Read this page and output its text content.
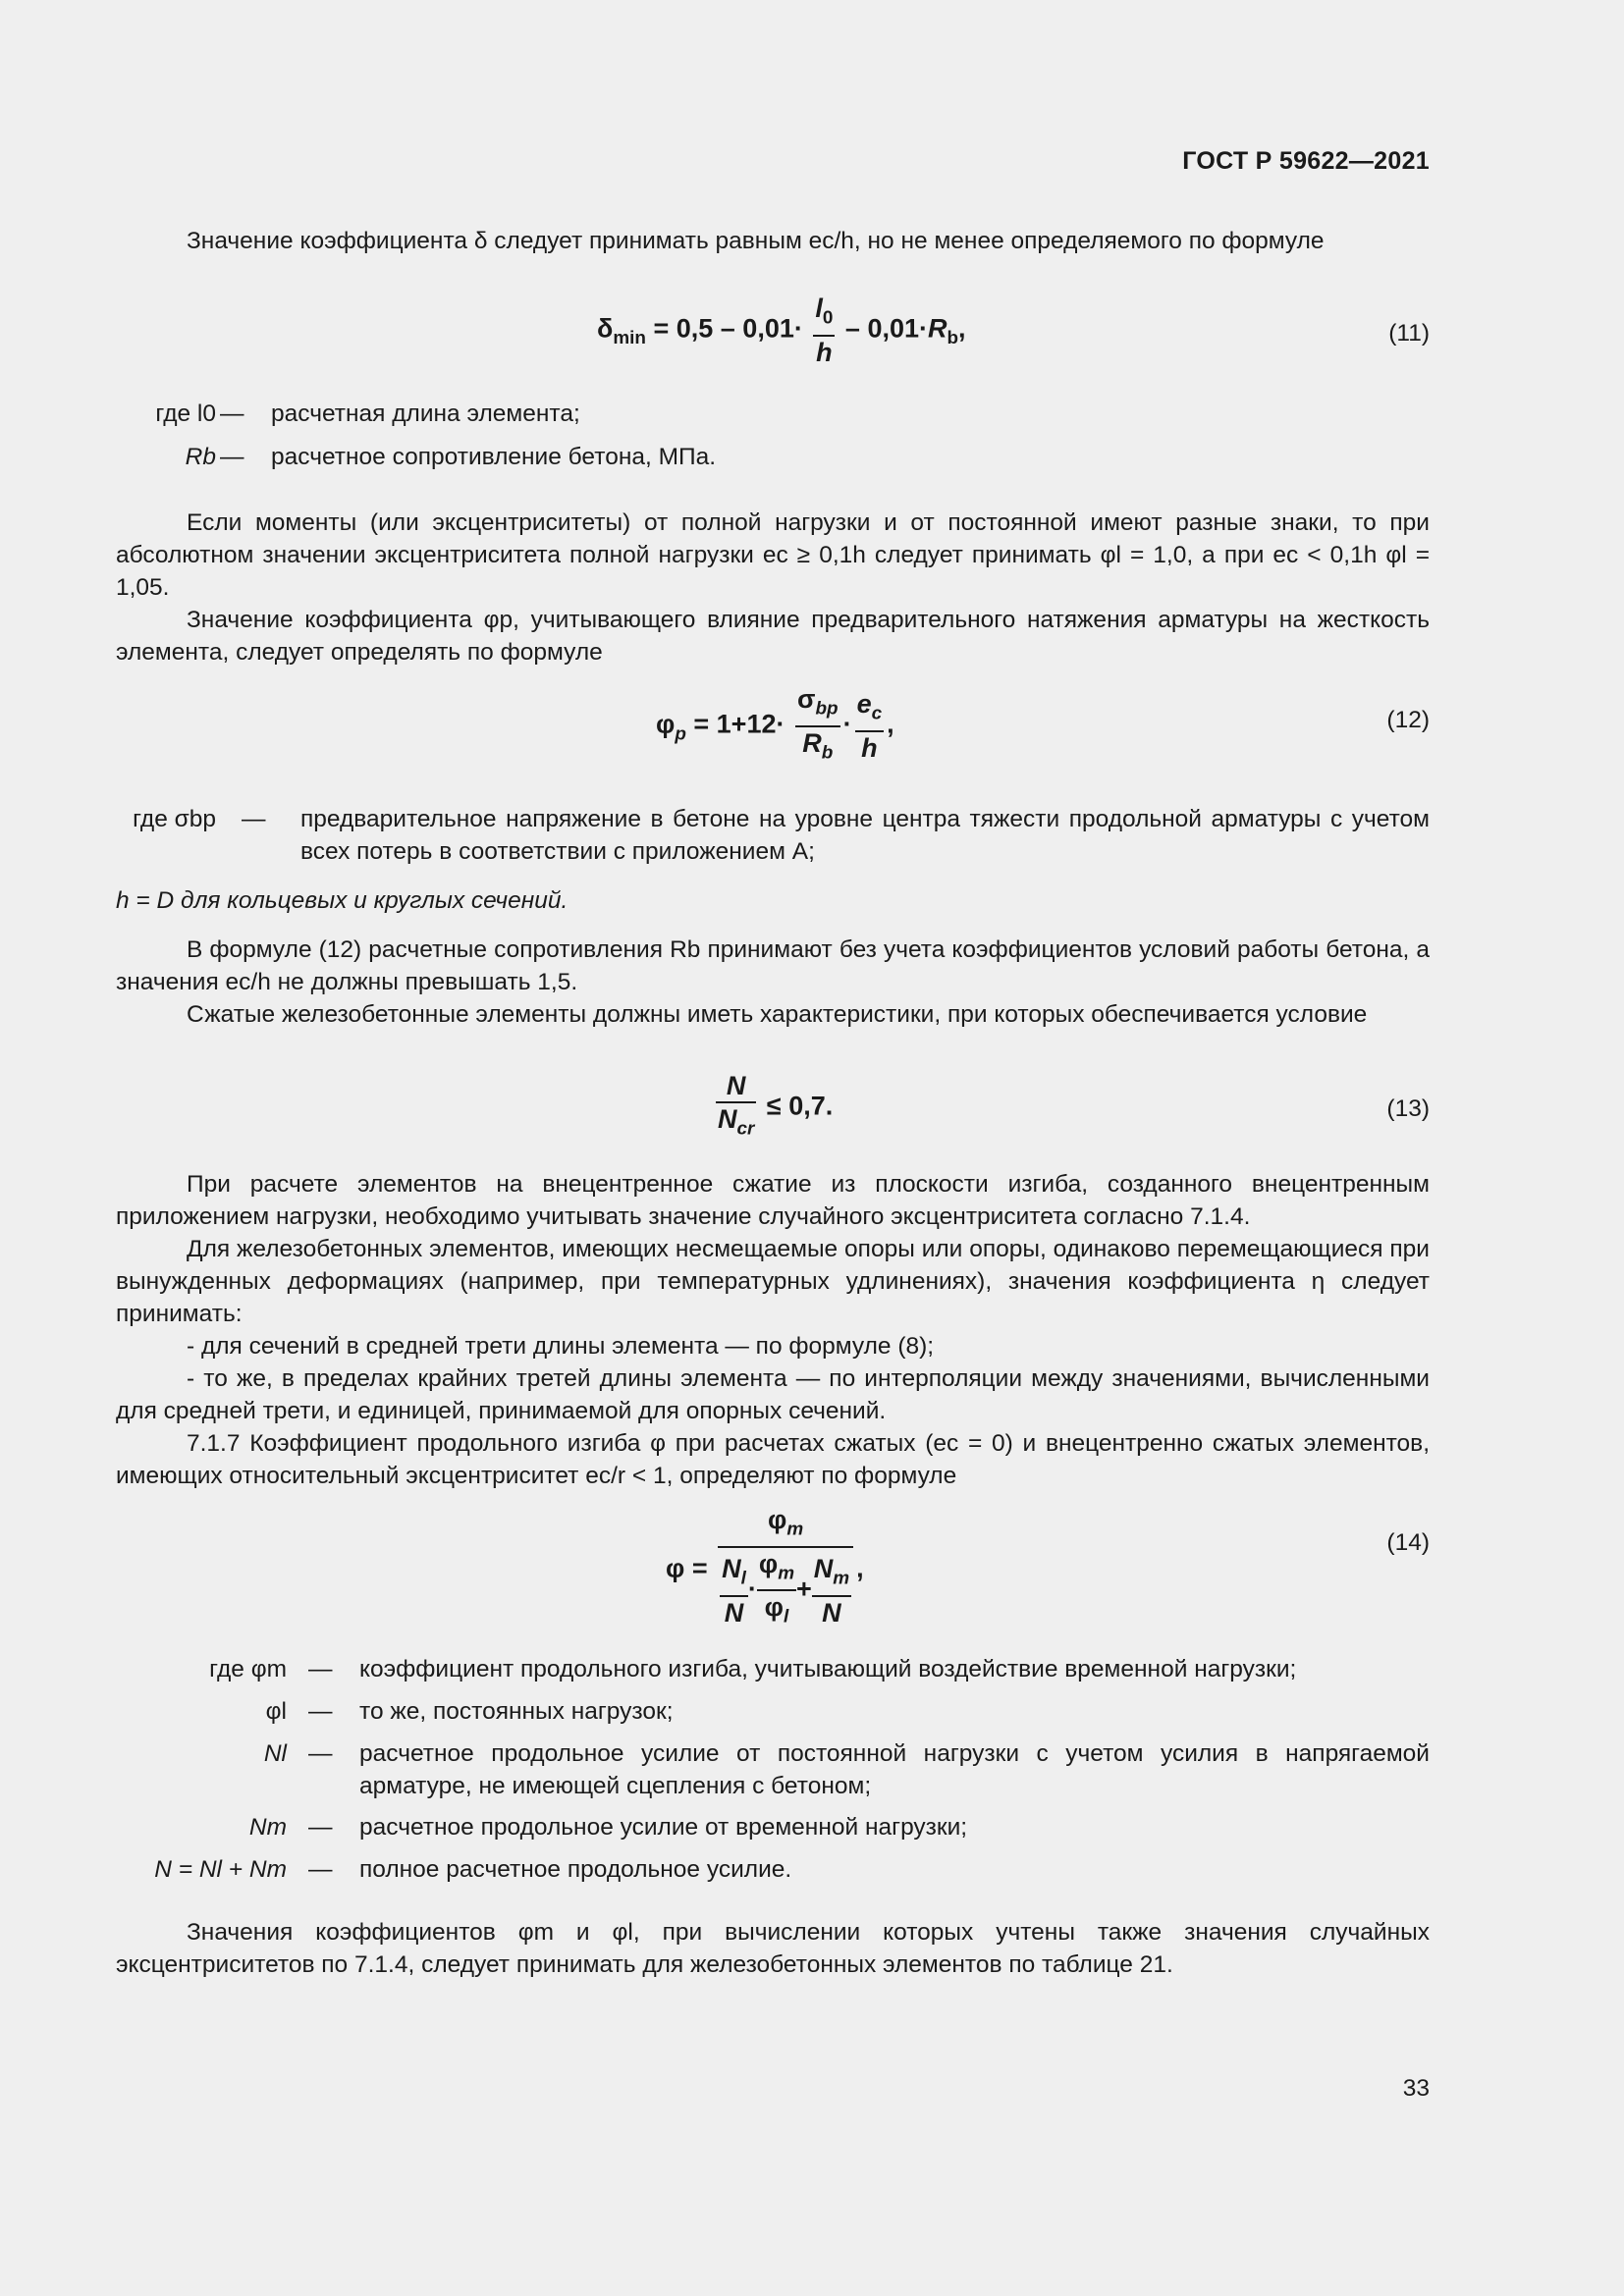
ГОСТ Р 59622—2021
Значение коэффициента δ следует принимать равным ec/h, но не менее определяемого по формуле
$\delta_{min} = 0,5 - 0,01\cdot \frac{l_0}{h} - 0,01\cdot R_b$,	(11)
где l0 — расчетная длина элемента;
Rb — расчетное сопротивление бетона, МПа.
Если моменты (или эксцентриситеты) от полной нагрузки и от постоянной имеют разные знаки, то при абсолютном значении эксцентриситета полной нагрузки ec ≥ 0,1h следует принимать φl = 1,0, а при ec < 0,1h φl = 1,05.
Значение коэффициента φp, учитывающего влияние предварительного натяжения арматуры на жесткость элемента, следует определять по формуле
$\varphi_p = 1+12\cdot \frac{\sigma_{bp}}{R_b} \cdot \frac{e_c}{h}$ ,	(12)
где σbp — предварительное напряжение в бетоне на уровне центра тяжести продольной арматуры с учетом всех потерь в соответствии с приложением А;
h = D для кольцевых и круглых сечений.
В формуле (12) расчетные сопротивления Rb принимают без учета коэффициентов условий работы бетона, а значения ec/h не должны превышать 1,5.
Сжатые железобетонные элементы должны иметь характеристики, при которых обеспечивается условие
$\frac{N}{N_{cr}} \le 0,7$.	(13)
При расчете элементов на внецентренное сжатие из плоскости изгиба, созданного внецентренным приложением нагрузки, необходимо учитывать значение случайного эксцентриситета согласно 7.1.4.
Для железобетонных элементов, имеющих несмещаемые опоры или опоры, одинаково перемещающиеся при вынужденных деформациях (например, при температурных удлинениях), значения коэффициента η следует принимать:
- для сечений в средней трети длины элемента — по формуле (8);
- то же, в пределах крайних третей длины элемента — по интерполяции между значениями, вычисленными для средней трети, и единицей, принимаемой для опорных сечений.
7.1.7 Коэффициент продольного изгиба φ при расчетах сжатых (ec = 0) и внецентренно сжатых элементов, имеющих относительный эксцентриситет ec/r < 1, определяют по формуле
$\varphi = \frac{\varphi_m}{\frac{N_l}{N} \cdot \frac{\varphi_m}{\varphi_l} + \frac{N_m}{N}}$ ,
(14)
где φm — коэффициент продольного изгиба, учитывающий воздействие временной нагрузки;
φl — то же, постоянных нагрузок;
Nl — расчетное продольное усилие от постоянной нагрузки с учетом усилия в напрягаемой арматуре, не имеющей сцепления с бетоном;
Nm — расчетное продольное усилие от временной нагрузки;
N = Nl + Nm — полное расчетное продольное усилие.
Значения коэффициентов φm и φl, при вычислении которых учтены также значения случайных эксцентриситетов по 7.1.4, следует принимать для железобетонных элементов по таблице 21.
33
